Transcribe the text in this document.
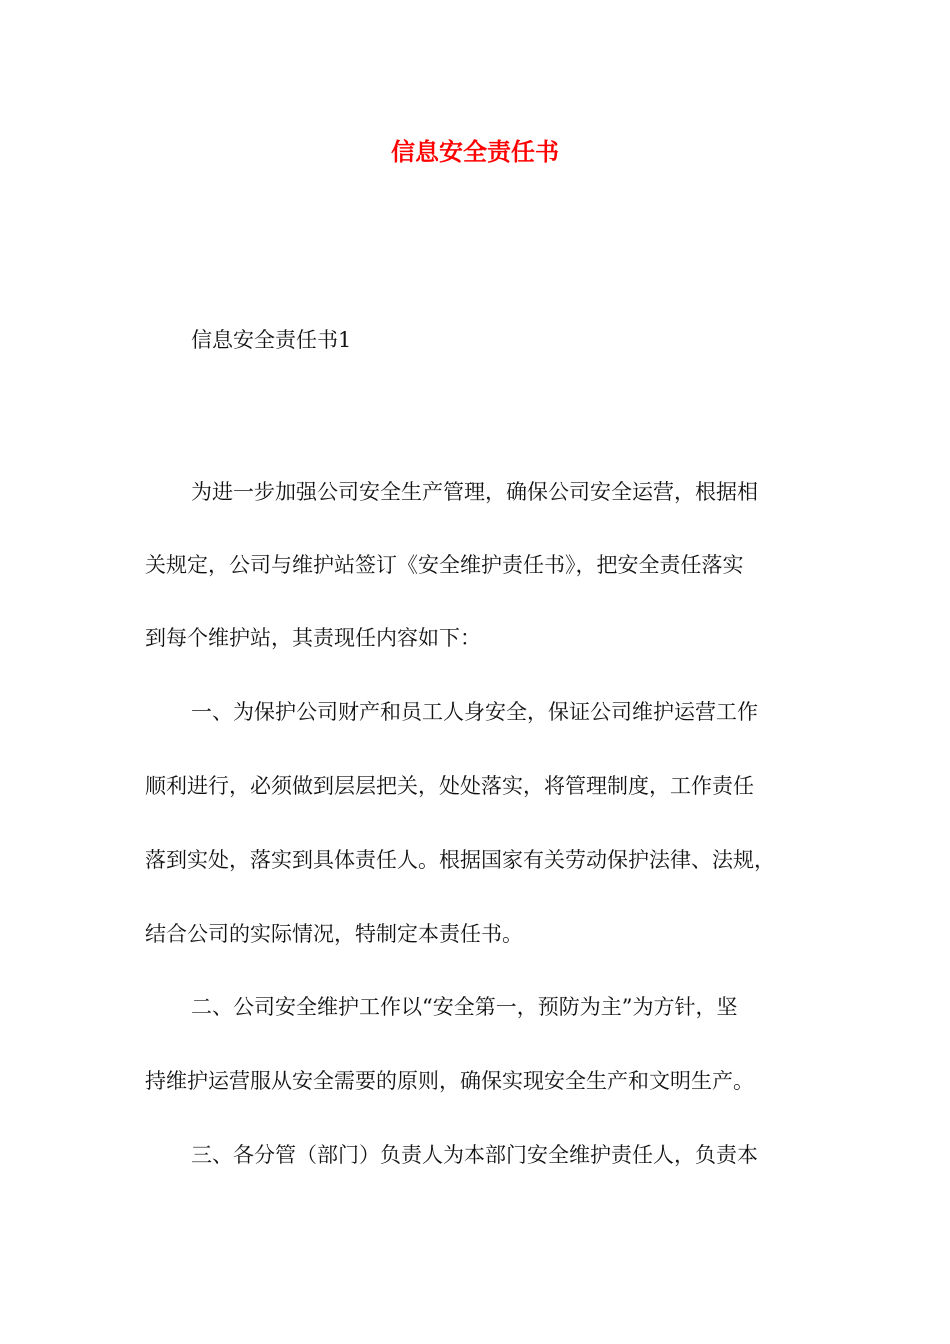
信息安全责任书
信息安全责任书1
为进一步加强公司安全生产管理，确保公司安全运营，根据相
关规定，公司与维护站签订《安全维护责任书》，把安全责任落实
到每个维护站，其责现任内容如下：
一、为保护公司财产和员工人身安全，保证公司维护运营工作
顺利进行，必须做到层层把关，处处落实，将管理制度，工作责任
落到实处，落实到具体责任人。根据国家有关劳动保护法律、法规，
结合公司的实际情况，特制定本责任书。
二、公司安全维护工作以“安全第一，预防为主”为方针，坚
持维护运营服从安全需要的原则，确保实现安全生产和文明生产。
三、各分管（部门）负责人为本部门安全维护责任人，负责本
